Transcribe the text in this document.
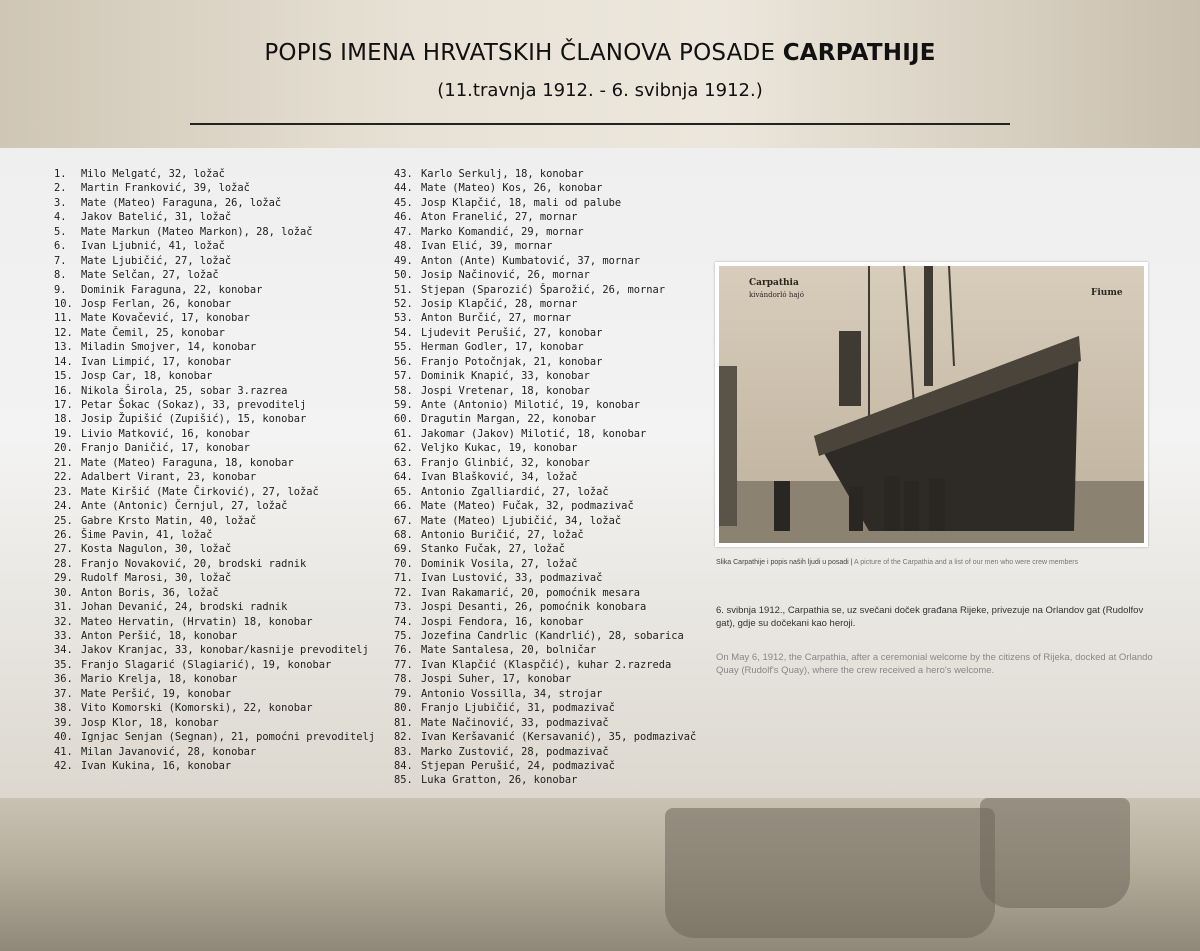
POPIS IMENA HRVATSKIH ČLANOVA POSADE CARPATHIJE
(11.travnja 1912. - 6. svibnja 1912.)
1. Milo Melgatć, 32, ložač
2. Martin Franković, 39, ložač
3. Mate (Mateo) Faraguna, 26, ložač
4. Jakov Batelić, 31, ložač
5. Mate Markun (Mateo Markon), 28, ložač
6. Ivan Ljubnić, 41, ložač
7. Mate Ljubičić, 27, ložač
8. Mate Selčan, 27, ložač
9. Dominik Faraguna, 22, konobar
10. Josp Ferlan, 26, konobar
11. Mate Kovačević, 17, konobar
12. Mate Čemil, 25, konobar
13. Miladin Smojver, 14, konobar
14. Ivan Limpić, 17, konobar
15. Josp Car, 18, konobar
16. Nikola Širola, 25, sobar 3.razrea
17. Petar Šokac (Sokaz), 33, prevoditelj
18. Josip Župišić (Zupišić), 15, konobar
19. Livio Matković, 16, konobar
20. Franjo Daničić, 17, konobar
21. Mate (Mateo) Faraguna, 18, konobar
22. Adalbert Virant, 23, konobar
23. Mate Kiršić (Mate Čirković), 27, ložač
24. Ante (Antonic) Černjul, 27, ložač
25. Gabre Krsto Matin, 40, ložač
26. Šime Pavin, 41, ložač
27. Kosta Nagulon, 30, ložač
28. Franjo Novaković, 20, brodski radnik
29. Rudolf Marosi, 30, ložač
30. Anton Boris, 36, ložač
31. Johan Devanić, 24, brodski radnik
32. Mateo Hervatin, (Hrvatin) 18, konobar
33. Anton Peršić, 18, konobar
34. Jakov Kranjac, 33, konobar/kasnije prevoditelj
35. Franjo Slagarić (Slagiarić), 19, konobar
36. Mario Krelja, 18, konobar
37. Mate Peršić, 19, konobar
38. Vito Komorski (Komorski), 22, konobar
39. Josp Klor, 18, konobar
40. Ignjac Senjan (Segnan), 21, pomoćni prevoditelj
41. Milan Javanović, 28, konobar
42. Ivan Kukina, 16, konobar
43. Karlo Serkulj, 18, konobar
44. Mate (Mateo) Kos, 26, konobar
45. Josp Klapčić, 18, mali od palube
46. Aton Franelić, 27, mornar
47. Marko Komandić, 29, mornar
48. Ivan Elić, 39, mornar
49. Anton (Ante) Kumbatović, 37, mornar
50. Josip Načinović, 26, mornar
51. Stjepan (Sparozić) Šparožić, 26, mornar
52. Josip Klapčić, 28, mornar
53. Anton Burčić, 27, mornar
54. Ljudevit Perušić, 27, konobar
55. Herman Godler, 17, konobar
56. Franjo Potočnjak, 21, konobar
57. Dominik Knapić, 33, konobar
58. Jospi Vretenar, 18, konobar
59. Ante (Antonio) Milotić, 19, konobar
60. Dragutin Margan, 22, konobar
61. Jakomar (Jakov) Milotić, 18, konobar
62. Veljko Kukac, 19, konobar
63. Franjo Glinbić, 32, konobar
64. Ivan Blašković, 34, ložač
65. Antonio Zgalliardić, 27, ložač
66. Mate (Mateo) Fučak, 32, podmazivač
67. Mate (Mateo) Ljubičić, 34, ložač
68. Antonio Buričić, 27, ložač
69. Stanko Fučak, 27, ložač
70. Dominik Vosila, 27, ložač
71. Ivan Lustović, 33, podmazivač
72. Ivan Rakamarić, 20, pomoćnik mesara
73. Jospi Desanti, 26, pomoćnik konobara
74. Jospi Fendora, 16, konobar
75. Jozefina Candrlic (Kandrlić), 28, sobarica
76. Mate Santalesa, 20, bolničar
77. Ivan Klapčić (Klaspčić), kuhar 2.razreda
78. Jospi Suher, 17, konobar
79. Antonio Vossilla, 34, strojar
80. Franjo Ljubičić, 31, podmazivač
81. Mate Načinović, 33, podmazivač
82. Ivan Keršavanić (Kersavanić), 35, podmazivač
83. Marko Zustović, 28, podmazivač
84. Stjepan Perušić, 24, podmazivač
85. Luka Gratton, 26, konobar
Carpathia
kivándorló hajó	Fiume
Slika Carpathije i popis naših ljudi u posadi | A picture of the Carpathia and a list of our men who were crew members
6. svibnja 1912., Carpathia se, uz svečani doček građana Rijeke, privezuje na Orlandov gat (Rudolfov gat), gdje su dočekani kao heroji.
On May 6, 1912, the Carpathia, after a ceremonial welcome by the citizens of Rijeka, docked at Orlando Quay (Rudolf's Quay), where the crew received a hero's welcome.
